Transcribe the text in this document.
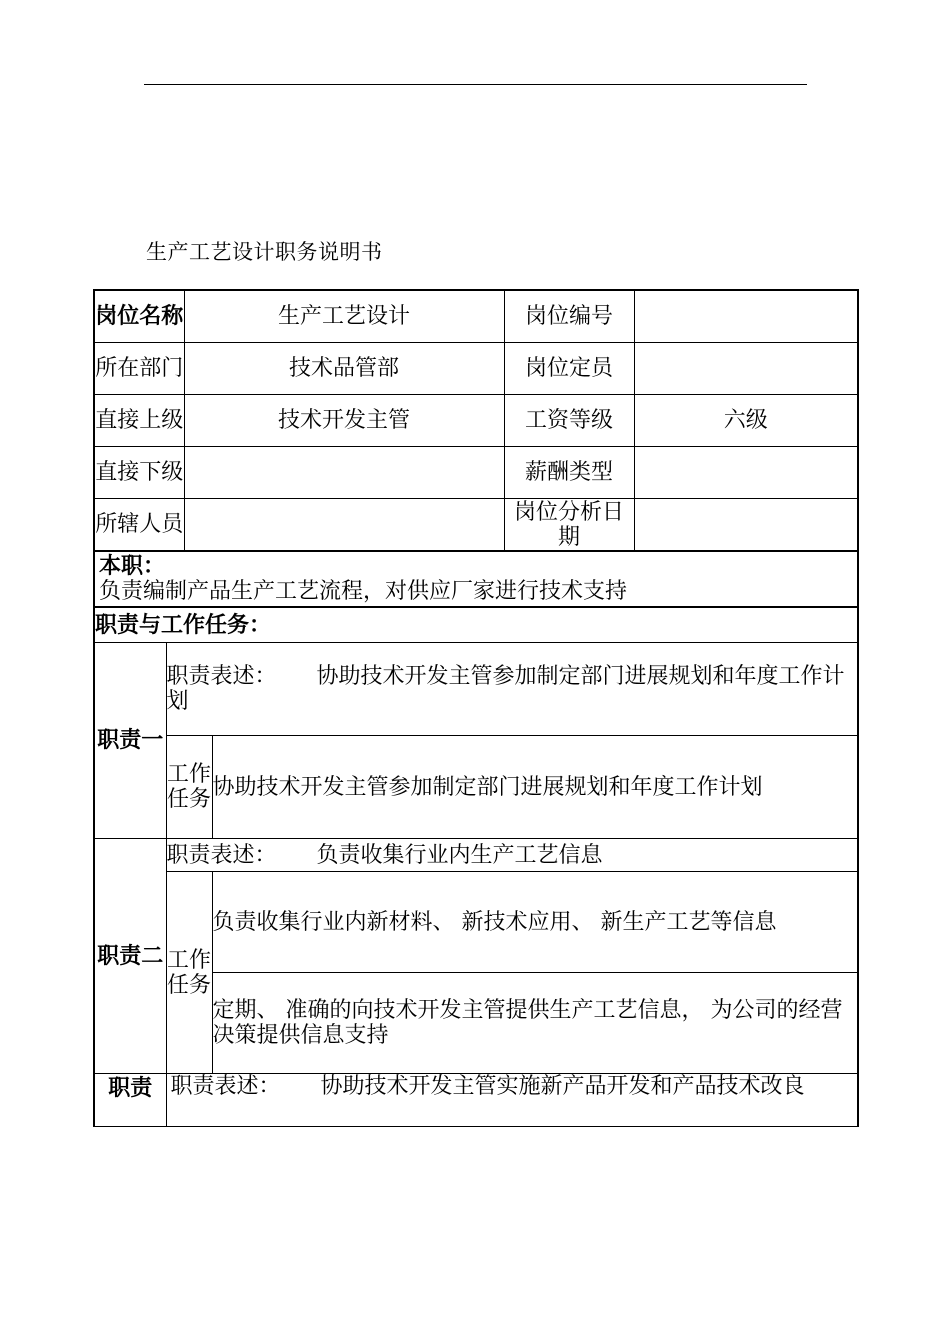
生产工艺设计职务说明书
岗位名称		生产工艺设计		岗位编号	
所在部门		技术品管部		岗位定员	
直接上级		技术开发主管		工资等级	六级
直接下级				薪酬类型	
所辖人员				岗位分析日期	

本职：
负责编制产品生产工艺流程，对供应厂家进行技术支持					

职责与工作任务：					
职责一	职责表述： 协助技术开发主管参加制定部门进展规划和年度工作计划				
	工作任务		协助技术开发主管参加制定部门进展规划和年度工作计划		
职责二	职责表述： 负责收集行业内生产工艺信息				
	工作任务		负责收集行业内新材料、 新技术应用、 新生产工艺等信息		
			定期、 准确的向技术开发主管提供生产工艺信息， 为公司的经营决策提供信息支持		
职责	职责表述： 协助技术开发主管实施新产品开发和产品技术改良				
